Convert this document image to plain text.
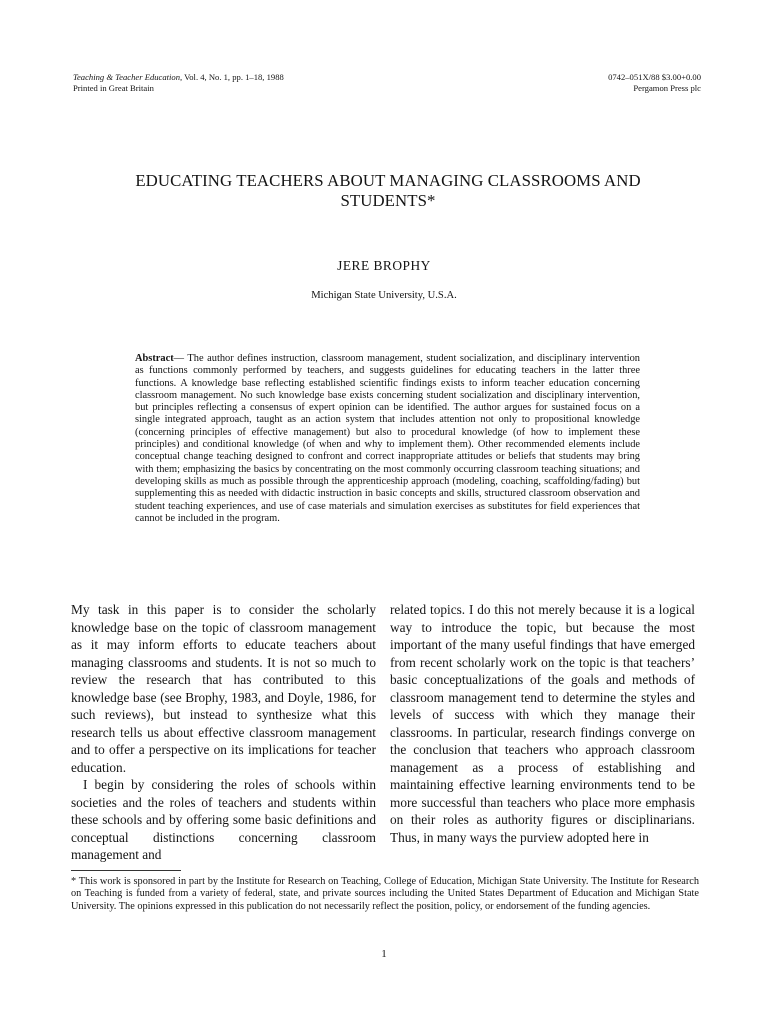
Teaching & Teacher Education, Vol. 4, No. 1, pp. 1–18, 1988
Printed in Great Britain
0742–051X/88 $3.00+0.00
Pergamon Press plc
EDUCATING TEACHERS ABOUT MANAGING CLASSROOMS AND STUDENTS*

JERE BROPHY

Michigan State University, U.S.A.

Abstract— The author defines instruction, classroom management, student socialization, and disciplinary intervention as functions commonly performed by teachers, and suggests guidelines for educating teachers in the latter three functions. A knowledge base reflecting established scientific findings exists to inform teacher education concerning classroom management. No such knowledge base exists concerning student socialization and disciplinary intervention, but principles reflecting a consensus of expert opinion can be identified. The author argues for sustained focus on a single integrated approach, taught as an action system that includes attention not only to propositional knowledge (concerning principles of effective management) but also to procedural knowledge (of how to implement these principles) and conditional knowledge (of when and why to implement them). Other recommended elements include conceptual change teaching designed to confront and correct inappropriate attitudes or beliefs that students may bring with them; emphasizing the basics by concentrating on the most commonly occurring classroom teaching situations; and developing skills as much as possible through the apprenticeship approach (modeling, coaching, scaffolding/fading) but supplementing this as needed with didactic instruction in basic concepts and skills, structured classroom observation and student teaching experiences, and use of case materials and simulation exercises as substitutes for field experiences that cannot be included in the program.

My task in this paper is to consider the scholarly knowledge base on the topic of classroom management as it may inform efforts to educate teachers about managing classrooms and students. It is not so much to review the research that has contributed to this knowledge base (see Brophy, 1983, and Doyle, 1986, for such reviews), but instead to synthesize what this research tells us about effective classroom management and to offer a perspective on its implications for teacher education.

I begin by considering the roles of schools within societies and the roles of teachers and students within these schools and by offering some basic definitions and conceptual distinctions concerning classroom management and

related topics. I do this not merely because it is a logical way to introduce the topic, but because the most important of the many useful findings that have emerged from recent scholarly work on the topic is that teachers’ basic conceptualizations of the goals and methods of classroom management tend to determine the styles and levels of success with which they manage their classrooms. In particular, research findings converge on the conclusion that teachers who approach classroom management as a process of establishing and maintaining effective learning environments tend to be more successful than teachers who place more emphasis on their roles as authority figures or disciplinarians. Thus, in many ways the purview adopted here in

* This work is sponsored in part by the Institute for Research on Teaching, College of Education, Michigan State University. The Institute for Research on Teaching is funded from a variety of federal, state, and private sources including the United States Department of Education and Michigan State University. The opinions expressed in this publication do not necessarily reflect the position, policy, or endorsement of the funding agencies.

1
